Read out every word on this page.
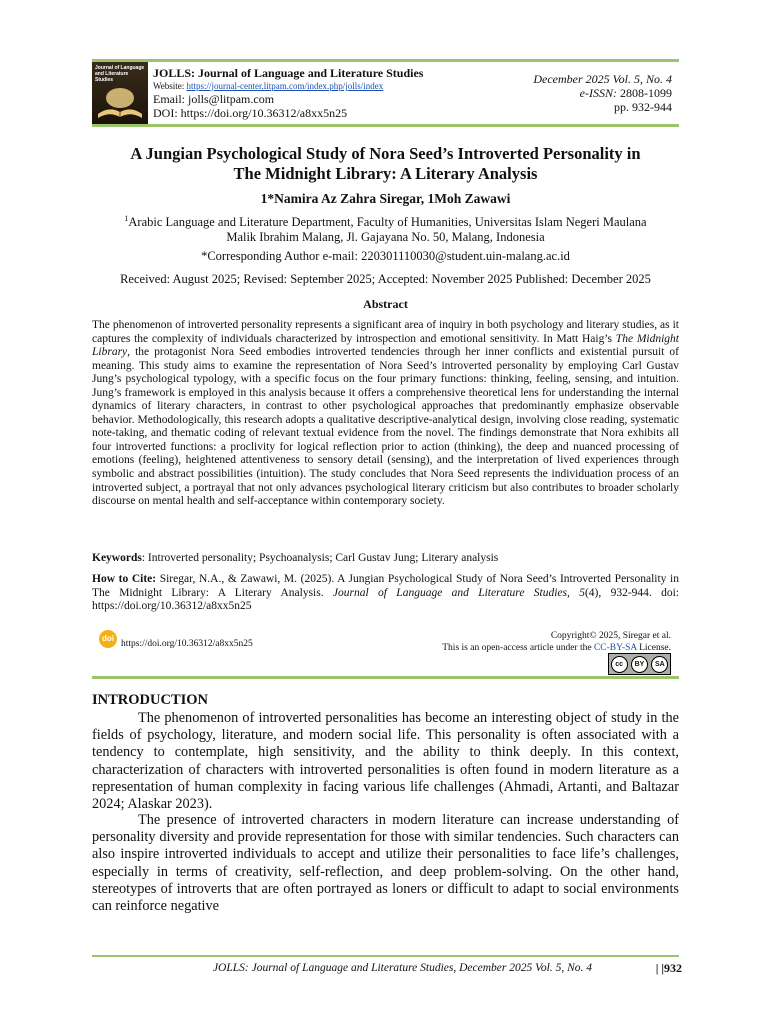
Journal of Language and Literature Studies	JOLLS: Journal of Language and Literature Studies
Website: https://journal-center.litpam.com/index.php/jolls/index
Email: jolls@litpam.com
DOI: https://doi.org/10.36312/a8xx5n25
December 2025 Vol. 5, No. 4
e-ISSN: 2808-1099
pp. 932-944
A Jungian Psychological Study of Nora Seed’s Introverted Personality in
The Midnight Library: A Literary Analysis
1*Namira Az Zahra Siregar, 1Moh Zawawi
$^1$Arabic Language and Literature Department, Faculty of Humanities, Universitas Islam Negeri Maulana
Malik Ibrahim Malang, Jl. Gajayana No. 50, Malang, Indonesia
*Corresponding Author e-mail: 220301110030@student.uin-malang.ac.id
Received: August 2025; Revised: September 2025; Accepted: November 2025 Published: December 2025
Abstract
The phenomenon of introverted personality represents a significant area of inquiry in both psychology and literary studies, as it captures the complexity of individuals characterized by introspection and emotional sensitivity. In Matt Haig’s The Midnight Library, the protagonist Nora Seed embodies introverted tendencies through her inner conflicts and existential pursuit of meaning. This study aims to examine the representation of Nora Seed’s introverted personality by employing Carl Gustav Jung’s psychological typology, with a specific focus on the four primary functions: thinking, feeling, sensing, and intuition. Jung’s framework is employed in this analysis because it offers a comprehensive theoretical lens for understanding the internal dynamics of literary characters, in contrast to other psychological approaches that predominantly emphasize observable behavior. Methodologically, this research adopts a qualitative descriptive-analytical design, involving close reading, systematic note-taking, and thematic coding of relevant textual evidence from the novel. The findings demonstrate that Nora exhibits all four introverted functions: a proclivity for logical reflection prior to action (thinking), the deep and nuanced processing of emotions (feeling), heightened attentiveness to sensory detail (sensing), and the interpretation of lived experiences through symbolic and abstract possibilities (intuition). The study concludes that Nora Seed represents the individuation process of an introverted subject, a portrayal that not only advances psychological literary criticism but also contributes to broader scholarly discourse on mental health and self-acceptance within contemporary society.
Keywords: Introverted personality; Psychoanalysis; Carl Gustav Jung; Literary analysis
How to Cite: Siregar, N.A., & Zawawi, M. (2025). A Jungian Psychological Study of Nora Seed’s Introverted Personality in The Midnight Library: A Literary Analysis. Journal of Language and Literature Studies, 5(4), 932-944. doi: https://doi.org/10.36312/a8xx5n25
doi
https://doi.org/10.36312/a8xx5n25
Copyright© 2025, Siregar et al.
This is an open-access article under the CC-BY-SA License.
cc	BY	SA
INTRODUCTION
The phenomenon of introverted personalities has become an interesting object of study in the fields of psychology, literature, and modern social life. This personality is often associated with a tendency to contemplate, high sensitivity, and the ability to think deeply. In this context, characterization of characters with introverted personalities is often found in modern literature as a representation of human complexity in facing various life challenges (Ahmadi, Artanti, and Baltazar 2024; Alaskar 2023).
The presence of introverted characters in modern literature can increase understanding of personality diversity and provide representation for those with similar tendencies. Such characters can also inspire introverted individuals to accept and utilize their personalities to face life’s challenges, especially in terms of creativity, self-reflection, and deep problem-solving. On the other hand, stereotypes of introverts that are often portrayed as loners or difficult to adapt to social environments can reinforce negative
JOLLS: Journal of Language and Literature Studies, December 2025 Vol. 5, No. 4	| |932
